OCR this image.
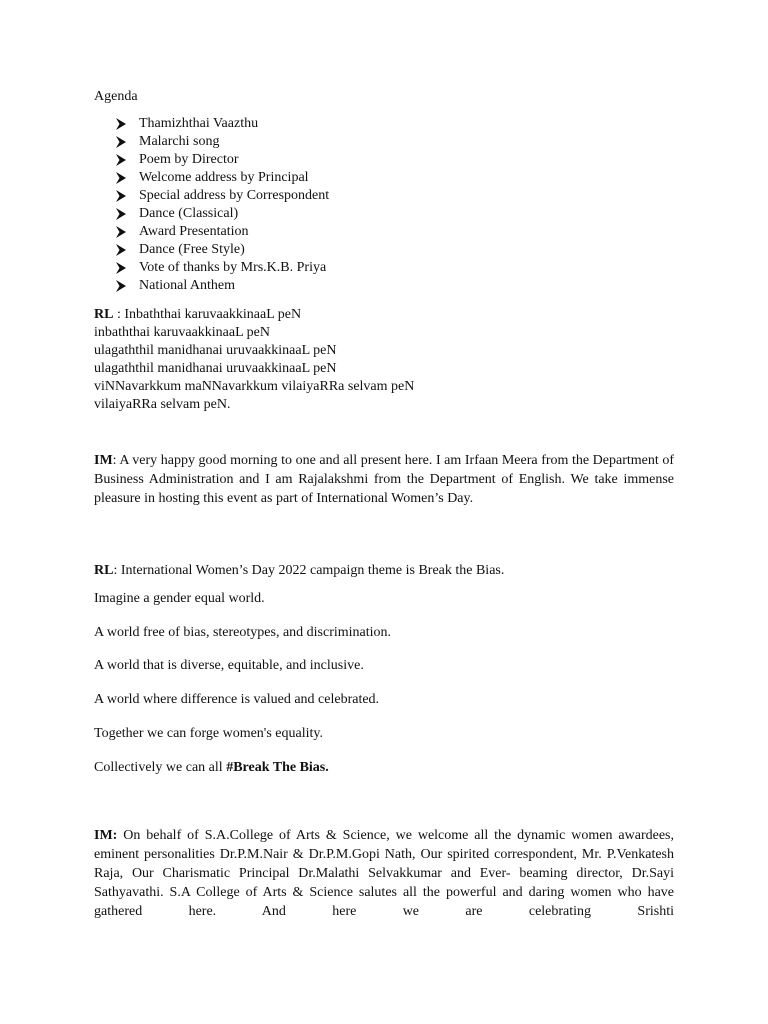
Agenda
Thamizhthai Vaazthu
Malarchi song
Poem by Director
Welcome address by Principal
Special address by Correspondent
Dance (Classical)
Award Presentation
Dance (Free Style)
Vote of thanks by Mrs.K.B. Priya
National Anthem
RL : Inbaththai karuvaakkinaaL peN
inbaththai karuvaakkinaaL peN
ulagaththil manidhanai uruvaakkinaaL peN
ulagaththil manidhanai uruvaakkinaaL peN
viNNavarkkum maNNavarkkum vilaiyaRRa selvam peN
vilaiyaRRa selvam peN.
IM: A very happy good morning to one and all present here. I am Irfaan Meera from the Department of Business Administration and I am Rajalakshmi from the Department of English. We take immense pleasure in hosting this event as part of International Women’s Day.
RL: International Women’s Day 2022 campaign theme is Break the Bias.
Imagine a gender equal world.
A world free of bias, stereotypes, and discrimination.
A world that is diverse, equitable, and inclusive.
A world where difference is valued and celebrated.
Together we can forge women's equality.
Collectively we can all #Break The Bias.
IM: On behalf of S.A.College of Arts & Science, we welcome all the dynamic women awardees, eminent personalities Dr.P.M.Nair & Dr.P.M.Gopi Nath, Our spirited correspondent, Mr. P.Venkatesh Raja, Our Charismatic Principal Dr.Malathi Selvakkumar and Ever- beaming director, Dr.Sayi Sathyavathi. S.A College of Arts & Science salutes all the powerful and daring women who have gathered here. And here we are celebrating Srishti
